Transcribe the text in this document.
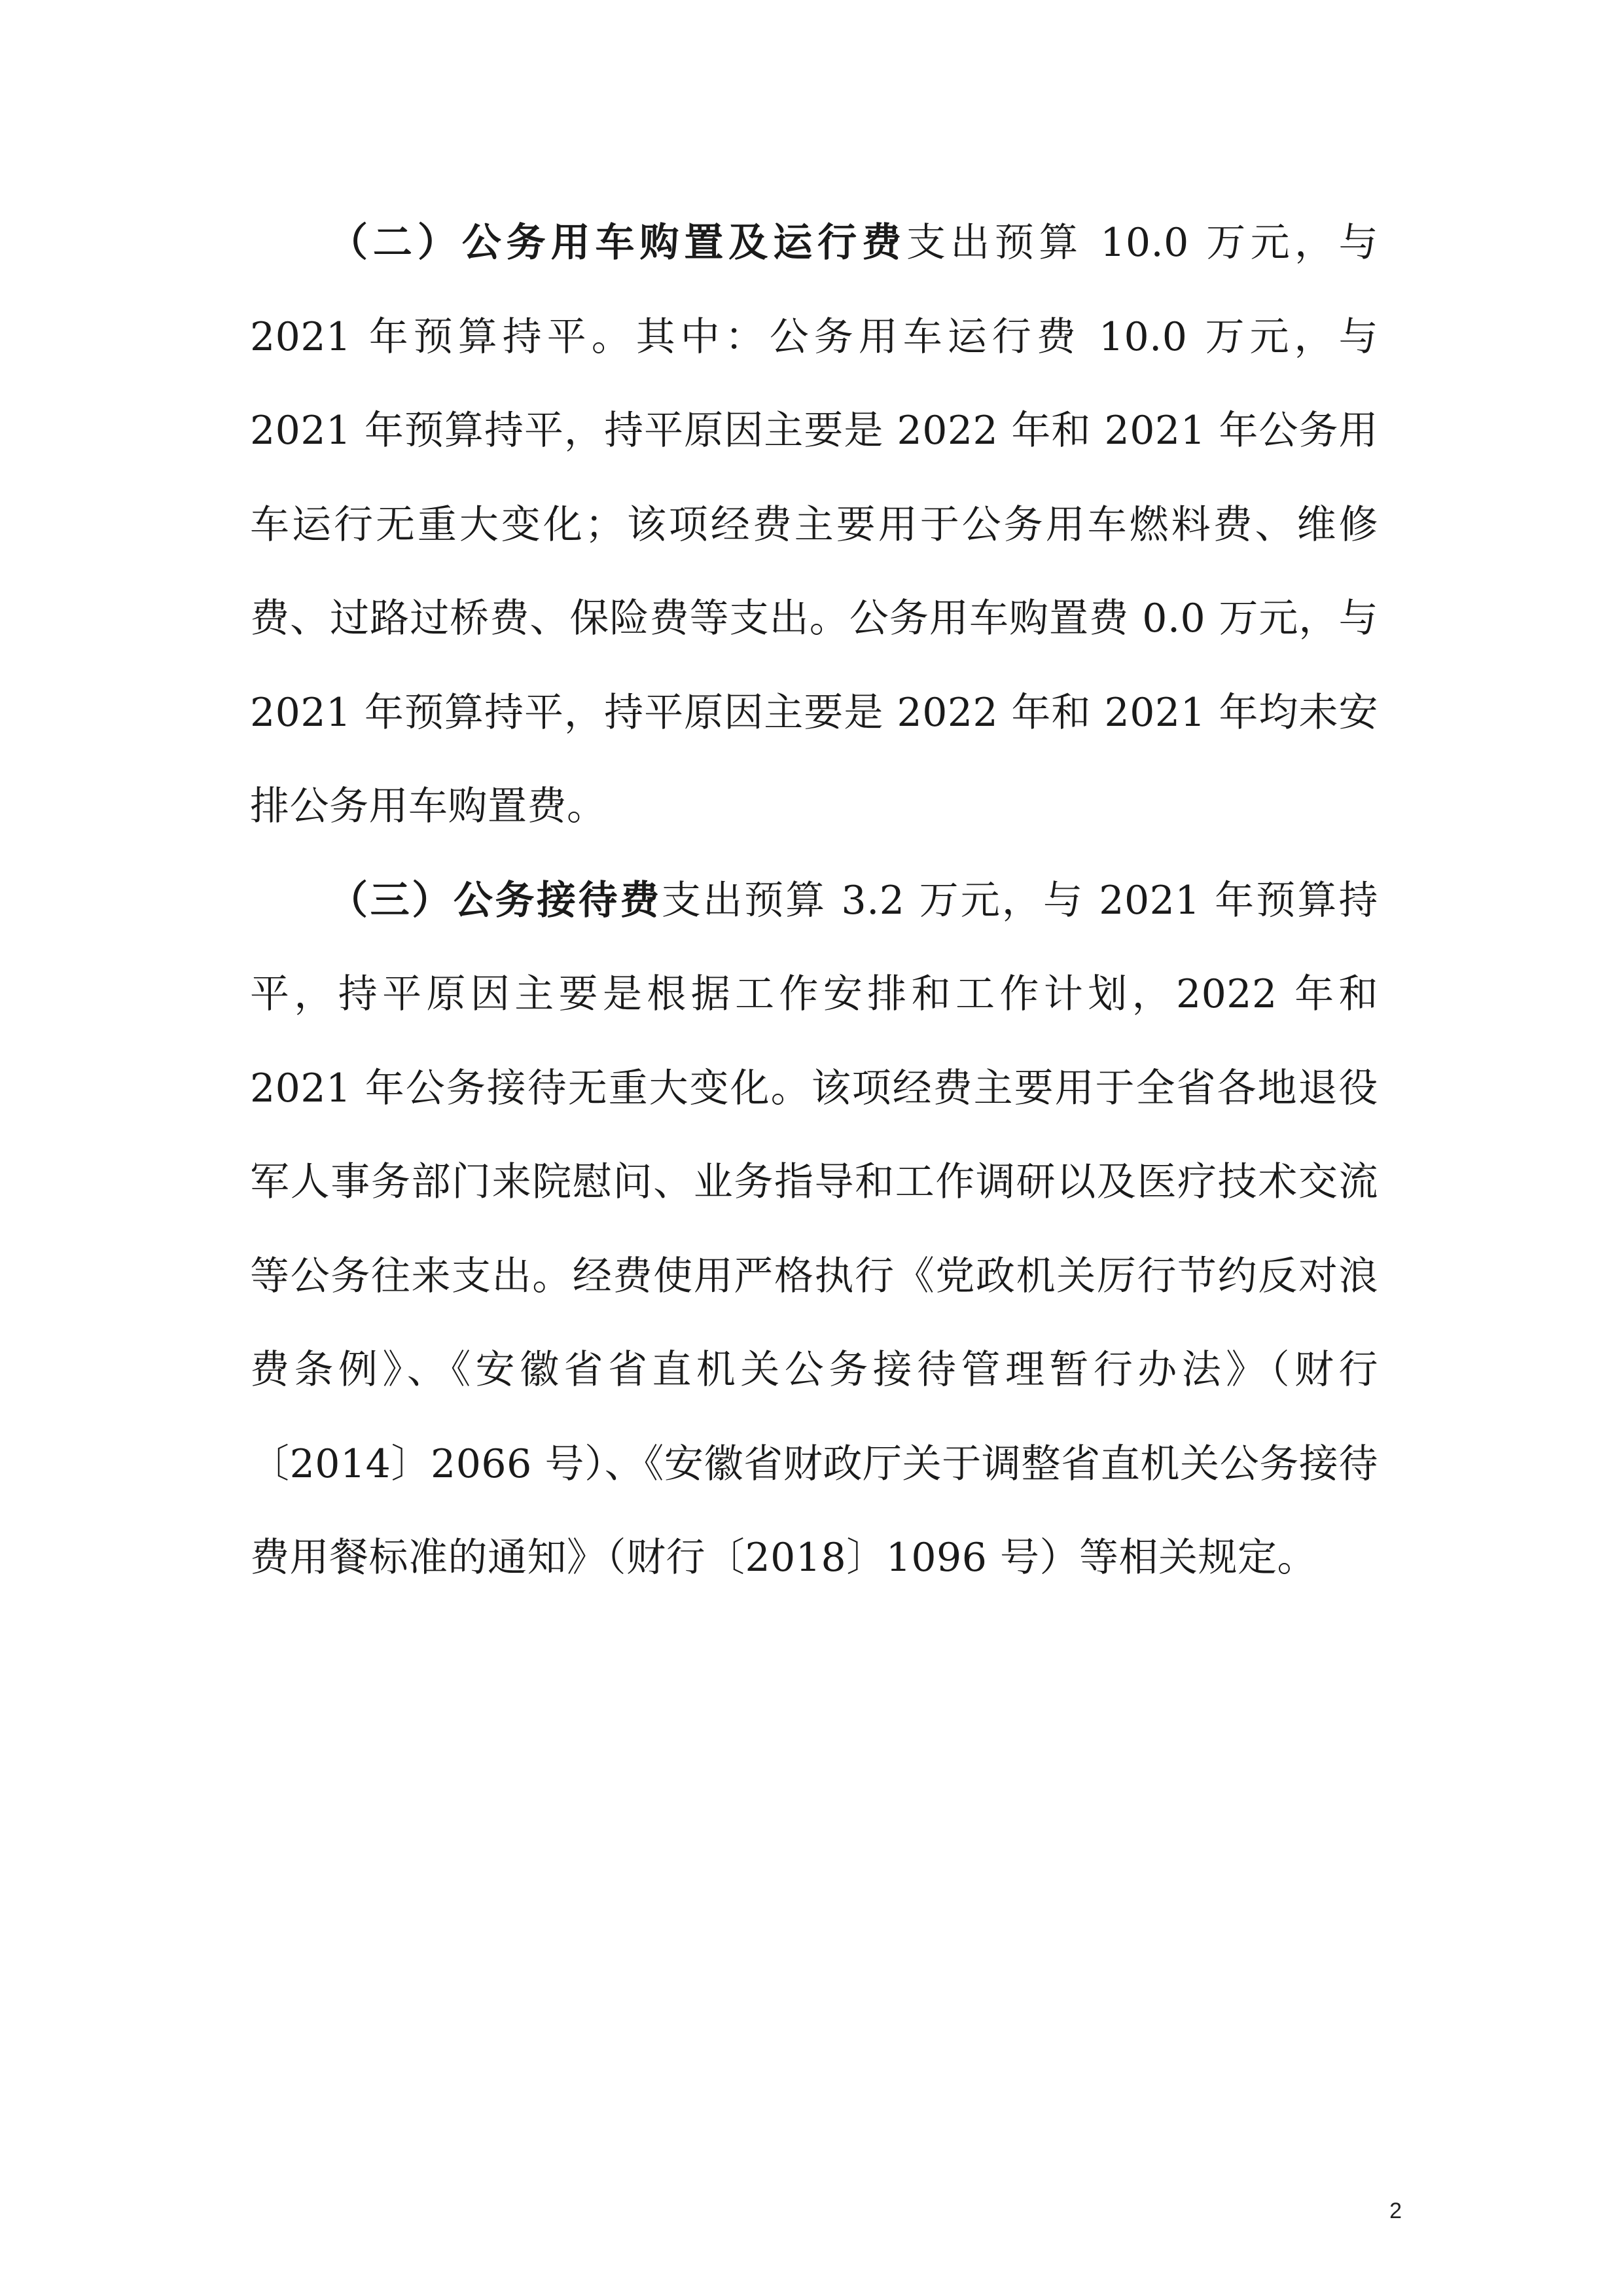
（二）公务用车购置及运行费支出预算 10.0 万元，与 2021 年预算持平。其中：公务用车运行费 10.0 万元，与 2021 年预算持平，持平原因主要是 2022 年和 2021 年公务用车运行无重大变化；该项经费主要用于公务用车燃料费、维修费、过路过桥费、保险费等支出。公务用车购置费 0.0 万元，与 2021 年预算持平，持平原因主要是 2022 年和 2021 年均未安排公务用车购置费。

（三）公务接待费支出预算 3.2 万元，与 2021 年预算持平，持平原因主要是根据工作安排和工作计划，2022 年和 2021 年公务接待无重大变化。该项经费主要用于全省各地退役军人事务部门来院慰问、业务指导和工作调研以及医疗技术交流等公务往来支出。经费使用严格执行《党政机关厉行节约反对浪费条例》、《安徽省省直机关公务接待管理暂行办法》（财行〔2014〕2066 号）、《安徽省财政厅关于调整省直机关公务接待费用餐标准的通知》（财行〔2018〕1096 号）等相关规定。

2
